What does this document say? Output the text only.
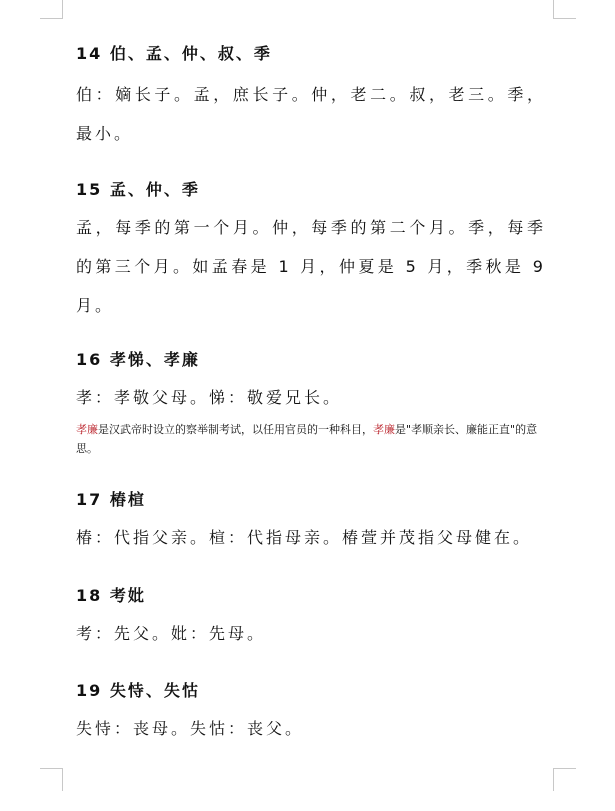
14 伯、孟、仲、叔、季

伯：嫡长子。孟，庶长子。仲，老二。叔，老三。季，最小。

15 孟、仲、季

孟，每季的第一个月。仲，每季的第二个月。季，每季的第三个月。如孟春是 1 月，仲夏是 5 月，季秋是 9 月。

16 孝悌、孝廉

孝：孝敬父母。悌：敬爱兄长。

孝廉是汉武帝时设立的察举制考试，以任用官员的一种科目，孝廉是"孝顺亲长、廉能正直"的意思。

17 椿楦

椿：代指父亲。楦：代指母亲。椿萱并茂指父母健在。

18 考妣

考：先父。妣：先母。

19 失恃、失怙

失恃：丧母。失怙：丧父。
